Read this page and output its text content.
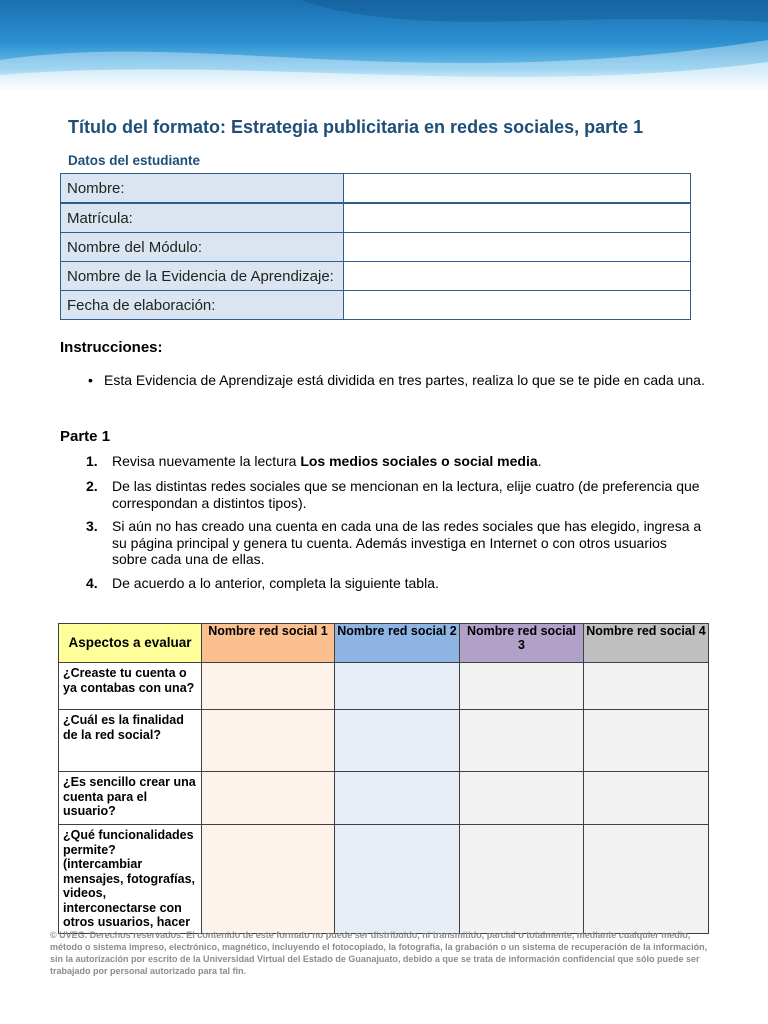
Título del formato: Estrategia publicitaria en redes sociales, parte 1
Datos del estudiante
Nombre:	
Matrícula:	
Nombre del Módulo:	
Nombre de la Evidencia de Aprendizaje:	
Fecha de elaboración:	
Instrucciones:
• Esta Evidencia de Aprendizaje está dividida en tres partes, realiza lo que se te pide en cada una.
Parte 1
1. Revisa nuevamente la lectura Los medios sociales o social media.
2. De las distintas redes sociales que se mencionan en la lectura, elije cuatro (de preferencia que correspondan a distintos tipos).
3. Si aún no has creado una cuenta en cada una de las redes sociales que has elegido, ingresa a su página principal y genera tu cuenta. Además investiga en Internet o con otros usuarios sobre cada una de ellas.
4. De acuerdo a lo anterior, completa la siguiente tabla.
Aspectos a evaluar	Nombre red social 1	Nombre red social 2	Nombre red social 3	Nombre red social 4
¿Creaste tu cuenta o ya contabas con una?				
¿Cuál es la finalidad de la red social?				
¿Es sencillo crear una cuenta para el usuario?				
¿Qué funcionalidades permite? (intercambiar mensajes, fotografías, videos, interconectarse con otros usuarios, hacer				
© UVEG. Derechos reservados. El contenido de este formato no puede ser distribuido, ni transmitido, parcial o totalmente, mediante cualquier medio, método o sistema impreso, electrónico, magnético, incluyendo el fotocopiado, la fotografía, la grabación o un sistema de recuperación de la información, sin la autorización por escrito de la Universidad Virtual del Estado de Guanajuato, debido a que se trata de información confidencial que sólo puede ser trabajado por personal autorizado para tal fin.
